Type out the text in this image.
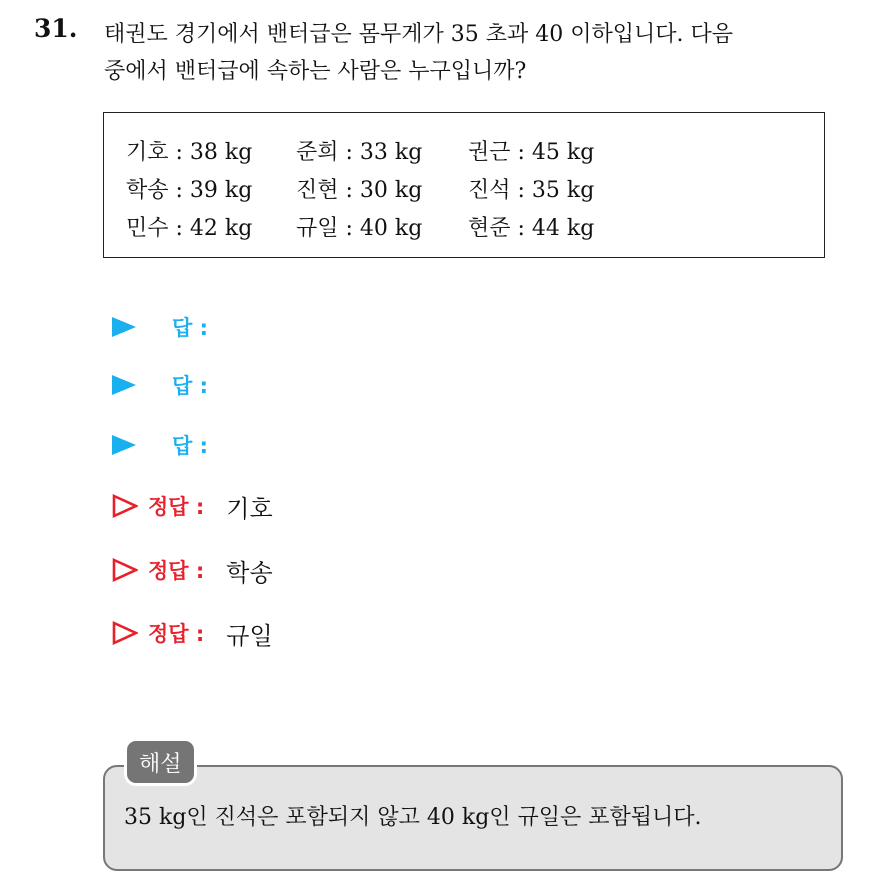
31. 태권도 경기에서 밴터급은 몸무게가 35 초과 40 이하입니다. 다음
중에서 밴터급에 속하는 사람은 누구입니까?
기호 : 38 kg	준희 : 33 kg	권근 : 45 kg
학송 : 39 kg	진현 : 30 kg	진석 : 35 kg
민수 : 42 kg	규일 : 40 kg	현준 : 44 kg
답 :
답 :
답 :
정답 : 기호
정답 : 학송
정답 : 규일
해설
35 kg인 진석은 포함되지 않고 40 kg인 규일은 포함됩니다.
